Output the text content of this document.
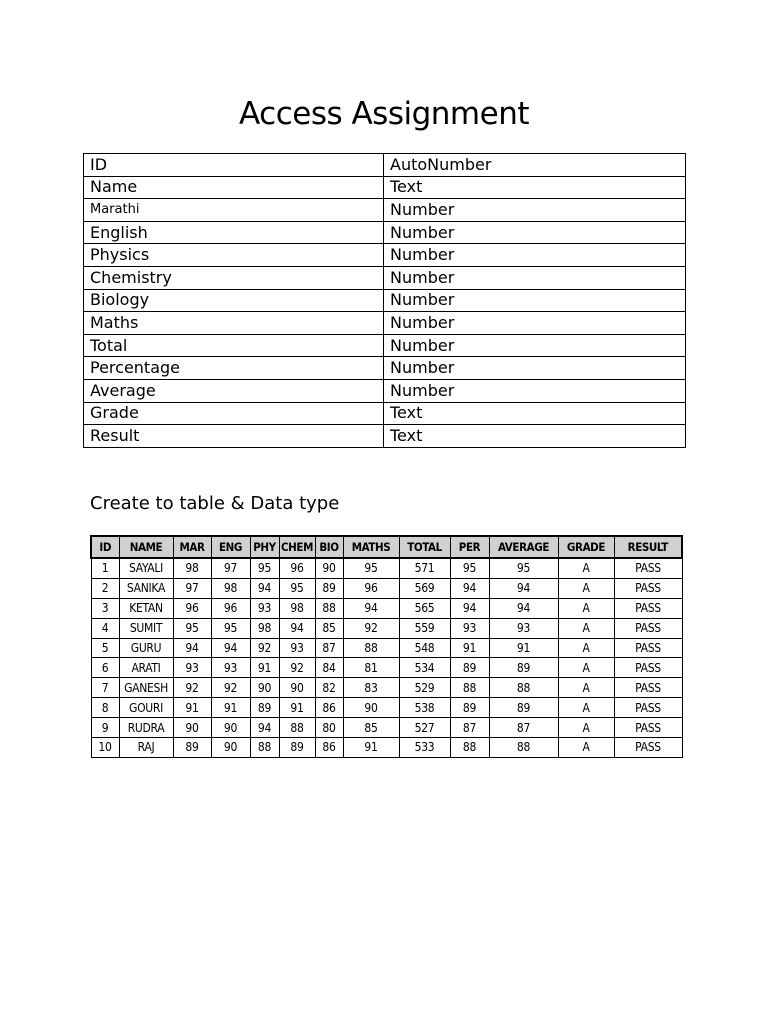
Access Assignment
ID	AutoNumber
Name	Text
Marathi	Number
English	Number
Physics	Number
Chemistry	Number
Biology	Number
Maths	Number
Total	Number
Percentage	Number
Average	Number
Grade	Text
Result	Text
Create to table & Data type
ID	NAME	MAR	ENG	PHY	CHEM	BIO	MATHS	TOTAL	PER	AVERAGE	GRADE	RESULT
1	SAYALI	98	97	95	96	90	95	571	95	95	A	PASS
2	SANIKA	97	98	94	95	89	96	569	94	94	A	PASS
3	KETAN	96	96	93	98	88	94	565	94	94	A	PASS
4	SUMIT	95	95	98	94	85	92	559	93	93	A	PASS
5	GURU	94	94	92	93	87	88	548	91	91	A	PASS
6	ARATI	93	93	91	92	84	81	534	89	89	A	PASS
7	GANESH	92	92	90	90	82	83	529	88	88	A	PASS
8	GOURI	91	91	89	91	86	90	538	89	89	A	PASS
9	RUDRA	90	90	94	88	80	85	527	87	87	A	PASS
10	RAJ	89	90	88	89	86	91	533	88	88	A	PASS
